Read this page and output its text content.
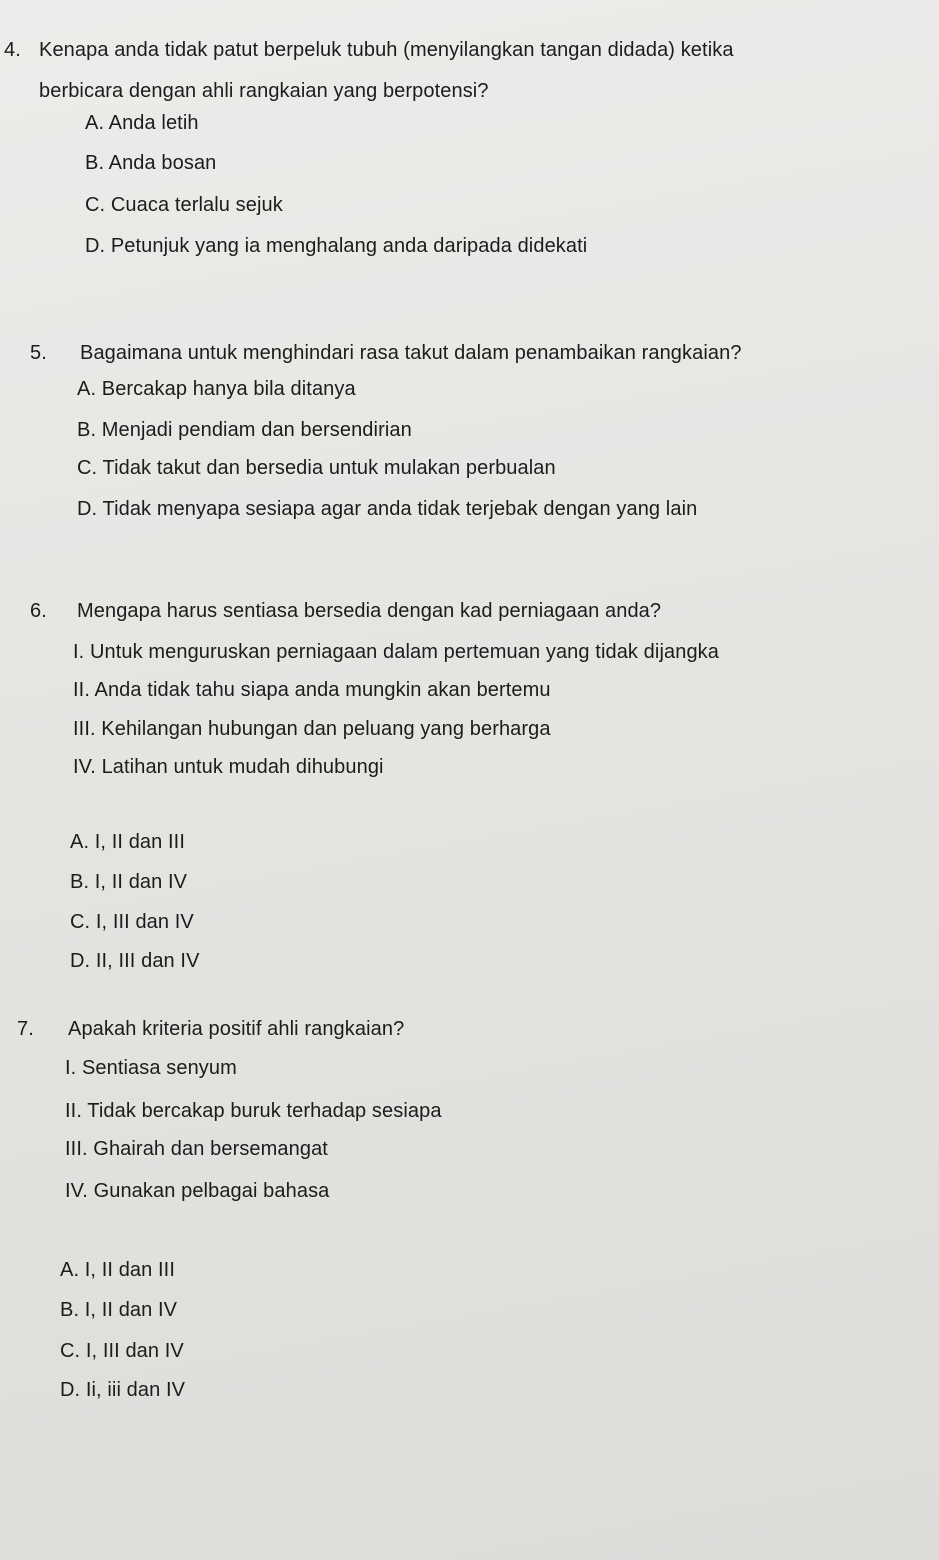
4. Kenapa anda tidak patut berpeluk tubuh (menyilangkan tangan didada) ketika
berbicara dengan ahli rangkaian yang berpotensi?
A. Anda letih
B. Anda bosan
C. Cuaca terlalu sejuk
D. Petunjuk yang ia menghalang anda daripada didekati
5. Bagaimana untuk menghindari rasa takut dalam penambaikan rangkaian?
A. Bercakap hanya bila ditanya
B. Menjadi pendiam dan bersendirian
C. Tidak takut dan bersedia untuk mulakan perbualan
D. Tidak menyapa sesiapa agar anda tidak terjebak dengan yang lain
6. Mengapa harus sentiasa bersedia dengan kad perniagaan anda?
I. Untuk menguruskan perniagaan dalam pertemuan yang tidak dijangka
II. Anda tidak tahu siapa anda mungkin akan bertemu
III. Kehilangan hubungan dan peluang yang berharga
IV. Latihan untuk mudah dihubungi
A. I, II dan III
B. I, II dan IV
C. I, III dan IV
D. II, III dan IV
7. Apakah kriteria positif ahli rangkaian?
I. Sentiasa senyum
II. Tidak bercakap buruk terhadap sesiapa
III. Ghairah dan bersemangat
IV. Gunakan pelbagai bahasa
A. I, II dan III
B. I, II dan IV
C. I, III dan IV
D. Ii, iii dan IV
